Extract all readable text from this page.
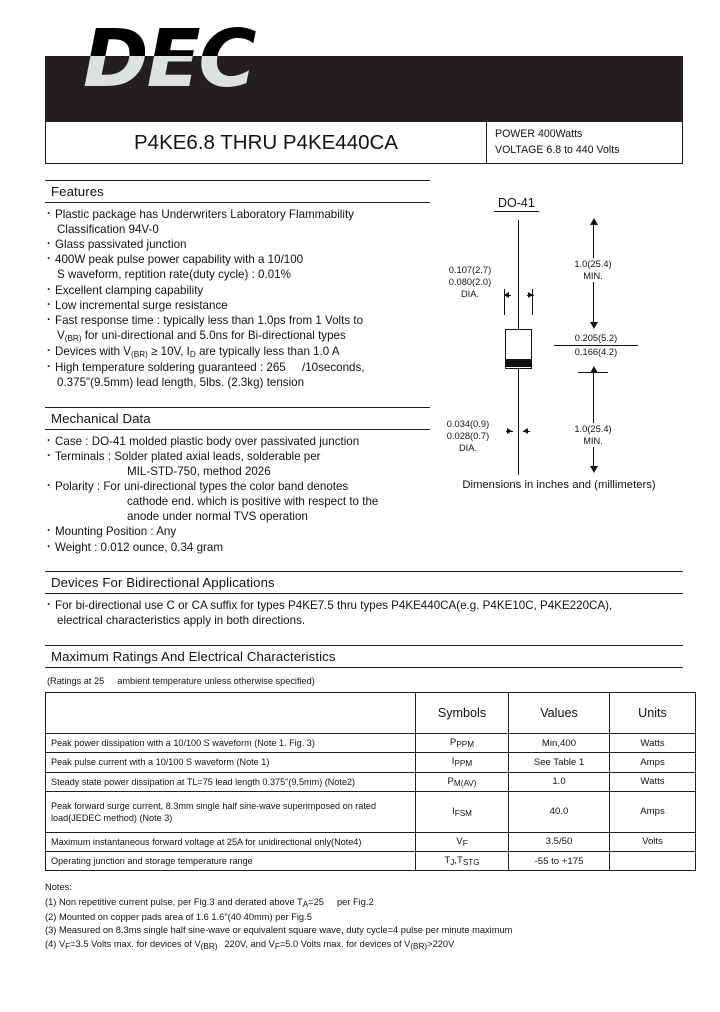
DEC
P4KE6.8 THRU P4KE440CA	POWER 400Watts
VOLTAGE 6.8 to 440 Volts
Features
· Plastic package has Underwriters Laboratory Flammability
Classification 94V-0
· Glass passivated junction
· 400W peak pulse power capability with a 10/100
S waveform, reptition rate(duty cycle) : 0.01%
· Excellent clamping capability
· Low incremental surge resistance
· Fast response time : typically less than 1.0ps from 1 Volts to
$V_{(BR)}$ for uni-directional and 5.0ns for Bi-directional types
· Devices with $V_{(BR)} \ge 10V$, $I_D$ are typically less than 1.0 A
· High temperature soldering guaranteed : 265 /10seconds,
0.375"(9.5mm) lead length, 5lbs. (2.3kg) tension
Mechanical Data
· Case : DO-41 molded plastic body over passivated junction
· Terminals : Solder plated axial leads, solderable per
MIL-STD-750, method 2026
· Polarity : For uni-directional types the color band denotes
cathode end. which is positive with respect to the
anode under normal TVS operation
· Mounting Position : Any
· Weight : 0.012 ounce, 0.34 gram
Devices For Bidirectional Applications
· For bi-directional use C or CA suffix for types P4KE7.5 thru types P4KE440CA(e.g. P4KE10C, P4KE220CA),
electrical characteristics apply in both directions.
Maximum Ratings And Electrical Characteristics
(Ratings at 25 ambient temperature unless otherwise specified)
	Symbols	Values	Units
Peak power dissipation with a 10/100 S waveform (Note 1. Fig. 3)	PPPM	Min,400	Watts
Peak pulse current with a 10/100 S waveform (Note 1)	IPPM	See Table 1	Amps
Steady state power dissipation at TL=75 lead length 0.375"(9.5mm) (Note2)	PM(AV)	1.0	Watts
Peak forward surge current, 8.3mm single half sine-wave superimposed on rated load(JEDEC method) (Note 3)	IFSM	40.0	Amps
Maximum instantaneous forward voltage at 25A for unidirectional only(Note4)	VF	3.5/50	Volts
Operating junction and storage temperature range	TJ,TSTG	-55 to +175	
Notes:
(1) Non repetitive current pulse, per Fig.3 and derated above TA=25 per Fig.2
(2) Mounted on copper pads area of 1.6 1.6"(40 40mm) per Fig.5
(3) Measured on 8.3ms single half sine-wave or equivalent square wave, duty cycle=4 pulse per minute maximum
(4) VF=3.5 Volts max. for devices of V(BR) 220V, and VF=5.0 Volts max. for devices of V(BR)>220V
DO-41
0.107(2.7)
0.080(2.0)
DIA.
0.034(0.9)
0.028(0.7)
DIA.
1.0(25.4)
MIN.
$\frac{0.205(5.2)}{0.166(4.2)}$
1.0(25.4)
MIN.
Dimensions in inches and (millimeters)
